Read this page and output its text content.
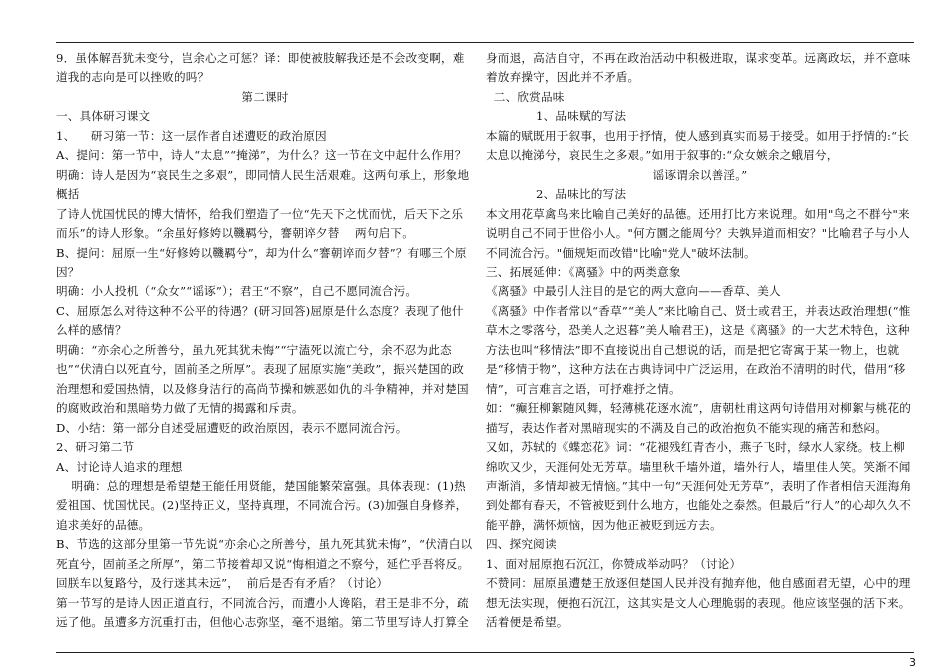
9．虽体解吾犹未变兮，岂余心之可惩？译：即使被肢解我还是不会改变啊，难道我的志向是可以挫败的吗？

第二课时

一、具体研习课文

1、    研习第一节：这一层作者自述遭贬的政治原因

A、提问：第一节中，诗人“太息”“掩涕”，为什么？这一节在文中起什么作用？

明确：诗人是因为“哀民生之多艰”，即同情人民生活艰难。这两句承上，形象地概括

了诗人忧国忧民的博大情怀，给我们塑造了一位“先天下之忧而忧，后天下之乐而乐”的诗人形象。“余虽好修姱以鞿羁兮，謇朝谇夕替    两句启下。

B、提问：屈原一生“好修姱以鞿羁兮”，却为什么“謇朝谇而夕替”？有哪三个原因？

明确：小人投机（“众女”“谣诼”）；君王“不察”，自己不愿同流合污。

C、屈原怎么对待这种不公平的待遇？(研习回答)屈原是什么态度？表现了他什么样的感情？

明确：“亦余心之所善兮，虽九死其犹未悔”“宁溘死以流亡兮，余不忍为此态也”“伏清白以死直兮，固前圣之所厚”。表现了屈原实施“美政”，振兴楚国的政治理想和爱国热情，以及修身洁行的高尚节操和嫉恶如仇的斗争精神，并对楚国的腐败政治和黑暗势力做了无情的揭露和斥责。

D、小结：第一部分自述受屈遭贬的政治原因，表示不愿同流合污。

2、研习第二节

A、讨论诗人追求的理想

明确：总的理想是希望楚王能任用贤能，楚国能繁荣富强。具体表现：(1)热爱祖国、忧国忧民。(2)坚持正义，坚持真理，不同流合污。(3)加强自身修养，追求美好的品德。

B、节选的这部分里第一节先说“亦余心之所善兮，虽九死其犹未悔”，“伏清白以死直兮，固前圣之所厚”，第二节接着却又说“悔相道之不察兮，延伫乎吾将反。回朕车以复路兮，及行迷其未远”，  前后是否有矛盾？（讨论）

第一节写的是诗人因正道直行，不同流合污，而遭小人谗陷，君王是非不分，疏远了他。虽遭多方沉重打击，但他心志弥坚，毫不退缩。第二节里写诗人打算全

身而退，高洁自守，不再在政治活动中积极进取，谋求变革。远离政坛，并不意味着放弃操守，因此并不矛盾。

二、欣赏品味

1、品味赋的写法

本篇的赋既用于叙事，也用于抒情，使人感到真实而易于接受。如用于抒情的:“长太息以掩涕兮，哀民生之多艰。”如用于叙事的:“众女嫉余之蛾眉兮，

谣诼谓余以善淫。”

2、品味比的写法

本文用花草禽鸟来比喻自己美好的品德。还用打比方来说理。如用"鸟之不群兮"来说明自己不同于世俗小人。"何方圜之能周兮？夫孰异道而相安？"比喻君子与小人不同流合污。"偭规矩而改错"比喻"党人"破坏法制。

三、拓展延伸：《离骚》中的两类意象

《离骚》中最引人注目的是它的两大意向——香草、美人

《离骚》中作者常以“香草”“美人”来比喻自己、贤士或君王，并表达政治理想(“惟草木之零落兮，恐美人之迟暮”美人喻君王)，这是《离骚》的一大艺术特色，这种方法也叫“移情法”即不直接说出自己想说的话，而是把它寄寓于某一物上，也就是“移情于物”，这种方法在古典诗词中广泛运用，在政治不清明的时代，借用“移情”，可言难言之语，可抒难抒之情。

如：“癫狂柳絮随风舞，轻薄桃花逐水流”，唐朝杜甫这两句诗借用对柳絮与桃花的描写，表达作者对黑暗现实的不满及自己的政治抱负不能实现的痛苦和愁闷。

又如，苏轼的《蝶恋花》词：“花褪残红青杏小，燕子飞时，绿水人家绕。枝上柳绵吹又少，天涯何处无芳草。墙里秋千墙外道，墙外行人，墙里佳人笑。笑渐不闻声渐消，多情却被无情恼。”其中一句“天涯何处无芳草”，表明了作者相信天涯海角到处都有春天，不管被贬到什么地方，也能处之泰然。但最后“行人”的心却久久不能平静，满怀烦恼，因为他正被贬到远方去。

四、探究阅读

1、面对屈原抱石沉江，你赞成举动吗？（讨论）

不赞同：屈原虽遭楚王放逐但楚国人民并没有抛弃他，他自感面君无望，心中的理想无法实现，便抱石沉江，这其实是文人心理脆弱的表现。他应该坚强的活下来。活着便是希望。

3
